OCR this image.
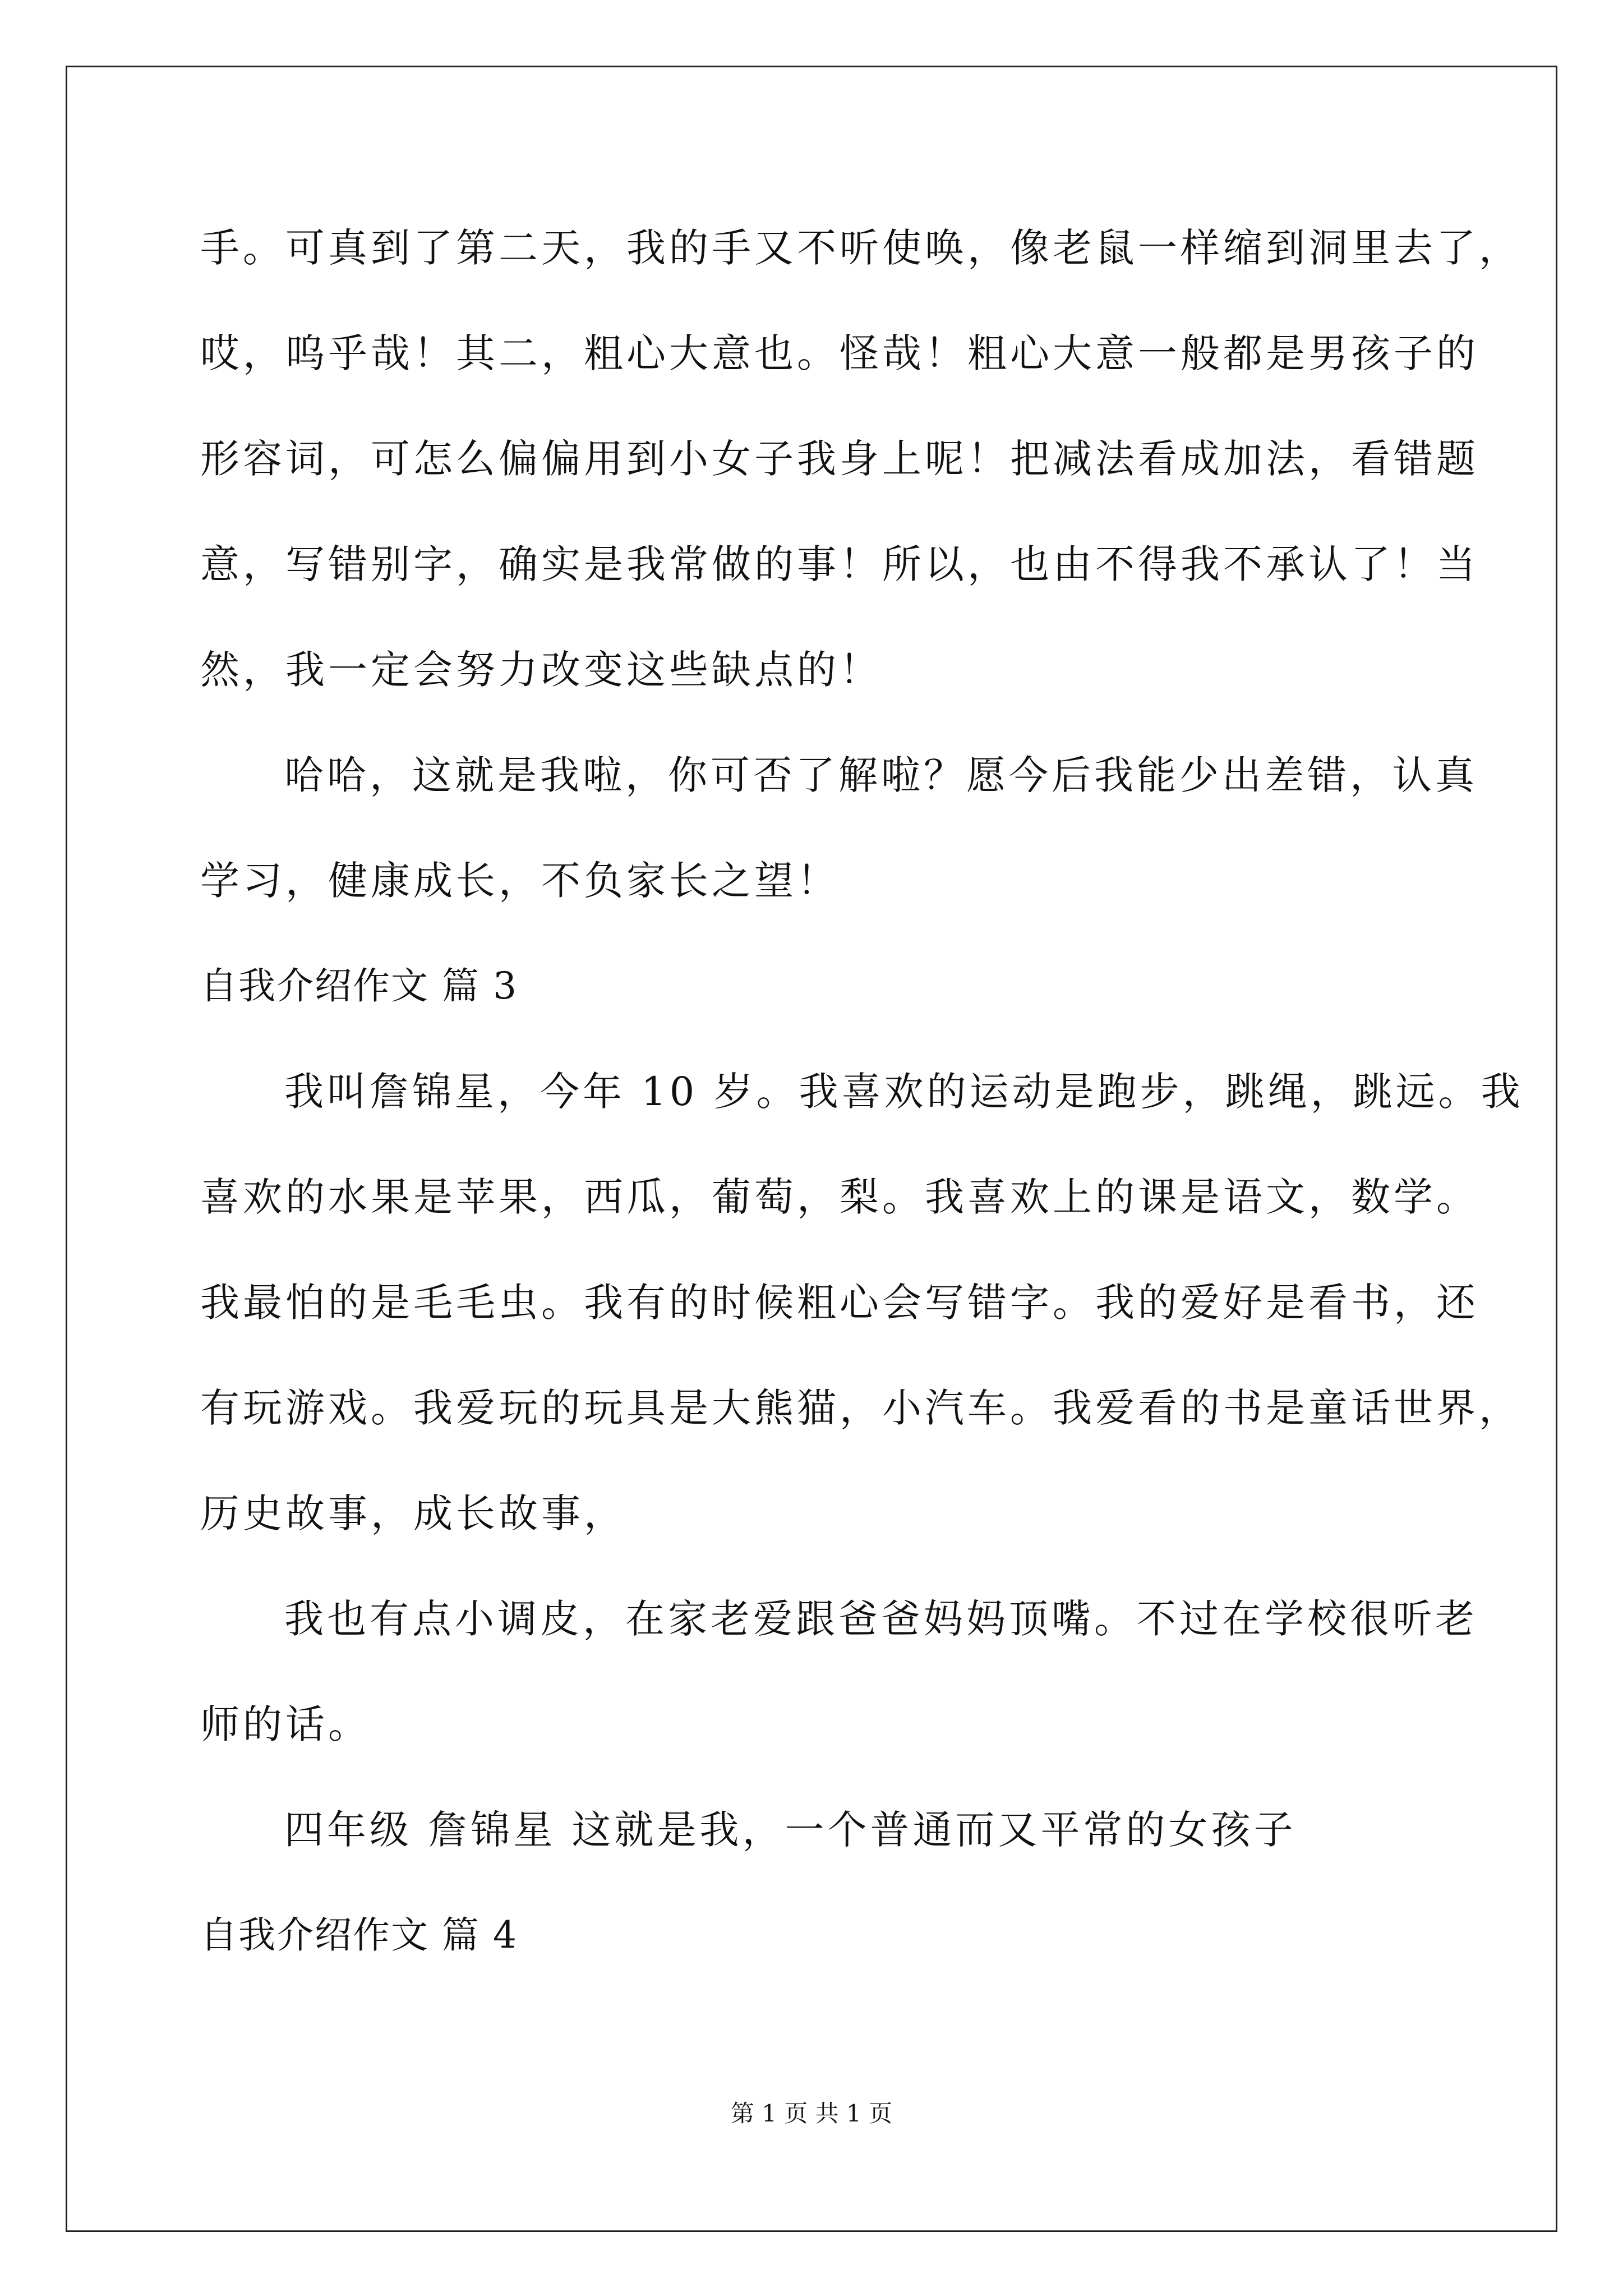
手。可真到了第二天，我的手又不听使唤，像老鼠一样缩到洞里去了，
哎，呜乎哉！其二，粗心大意也。怪哉！粗心大意一般都是男孩子的
形容词，可怎么偏偏用到小女子我身上呢！把减法看成加法，看错题
意，写错别字，确实是我常做的事！所以，也由不得我不承认了！当
然，我一定会努力改变这些缺点的！
哈哈，这就是我啦，你可否了解啦？愿今后我能少出差错，认真
学习，健康成长，不负家长之望！
自我介绍作文 篇 3
我叫詹锦星，今年 10 岁。我喜欢的运动是跑步，跳绳，跳远。我
喜欢的水果是苹果，西瓜，葡萄，梨。我喜欢上的课是语文，数学。
我最怕的是毛毛虫。我有的时候粗心会写错字。我的爱好是看书，还
有玩游戏。我爱玩的玩具是大熊猫，小汽车。我爱看的书是童话世界，
历史故事，成长故事，
我也有点小调皮，在家老爱跟爸爸妈妈顶嘴。不过在学校很听老
师的话。
四年级 詹锦星 这就是我，一个普通而又平常的女孩子
自我介绍作文 篇 4
第 1 页 共 1 页
